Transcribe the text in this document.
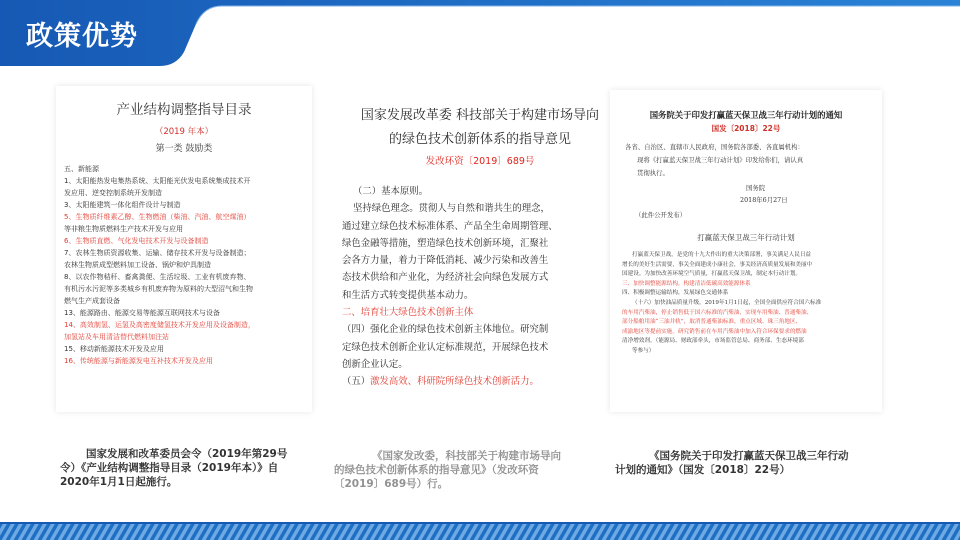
政策优势
产业结构调整指导目录
（2019 年本）
第一类 鼓励类
五、新能源
1、太阳能热发电集热系统、太阳能光伏发电系统集成技术开
发应用、逆变控制系统开发制造
3、太阳能建筑一体化组件设计与制造
5、生物质纤维素乙醇、生物燃油（柴油、汽油、航空煤油）
等非粮生物质燃料生产技术开发与应用
6、生物质直燃、气化发电技术开发与设备制造
7、农林生物质资源收集、运输、储存技术开发与设备制造；
农林生物质成型燃料加工设备、锅炉和炉具制造
8、以农作物秸秆、畜禽粪便、生活垃圾、工业有机废弃物、
有机污水污泥等多类城乡有机废弃物为原料的大型沼气和生物
燃气生产成套设备
13、能源路由、能源交易等能源互联网技术与设备
14、高效制氢、运氢及高密度储氢技术开发应用及设备制造，
加氢站及车用清洁替代燃料加注站
15、移动新能源技术开发及应用
16、传统能源与新能源发电互补技术开发及应用
国家发展改革委 科技部关于构建市场导向
的绿色技术创新体系的指导意见
发改环资〔2019〕689号
（二）基本原则。
坚持绿色理念。贯彻人与自然和谐共生的理念，
通过建立绿色技术标准体系、产品全生命周期管理、
绿色金融等措施，塑造绿色技术创新环境，汇聚社
会各方力量，着力于降低消耗、减少污染和改善生
态技术供给和产业化，为经济社会向绿色发展方式
和生活方式转变提供基本动力。
二、培育壮大绿色技术创新主体
（四）强化企业的绿色技术创新主体地位。研究制
定绿色技术创新企业认定标准规范，开展绿色技术
创新企业认定。
（五）激发高效、科研院所绿色技术创新活力。
国务院关于印发打赢蓝天保卫战三年行动计划的通知
国发〔2018〕22号
各省、自治区、直辖市人民政府，国务院各部委、各直属机构：
现将《打赢蓝天保卫战三年行动计划》印发给你们，请认真
贯彻执行。
国务院
2018年6月27日
（此件公开发布）
打赢蓝天保卫战三年行动计划
打赢蓝天保卫战，是党的十九大作出的重大决策部署，事关满足人民日益
增长的美好生活需要，事关全面建成小康社会，事关经济高质量发展和美丽中
国建设。为加快改善环境空气质量，打赢蓝天保卫战，制定本行动计划。
三、加快调整能源结构，构建清洁低碳高效能源体系
四、积极调整运输结构，发展绿色交通体系
（十六）加快油品质量升级。2019年1月1日起，全国全面供应符合国六标准
的车用汽柴油，停止销售低于国六标准的汽柴油，实现车用柴油、普通柴油、
部分船舶用油“三油并轨”，取消普通柴油标准，重点区域、珠三角地区、
成渝地区等提前实施。研究销售前在车用汽柴油中加入符合环保要求的燃油
清净增效剂。（能源局、财政部牵头，市场监管总局、商务部、生态环境部
等参与）
国家发展和改革委员会令（2019年第29号
令）《产业结构调整指导目录（2019年本）》自
2020年1月1日起施行。
《国家发改委，科技部关于构建市场导向
的绿色技术创新体系的指导意见》（发改环资
〔2019〕689号）行。
《国务院关于印发打赢蓝天保卫战三年行动
计划的通知》（国发〔2018〕22号）
